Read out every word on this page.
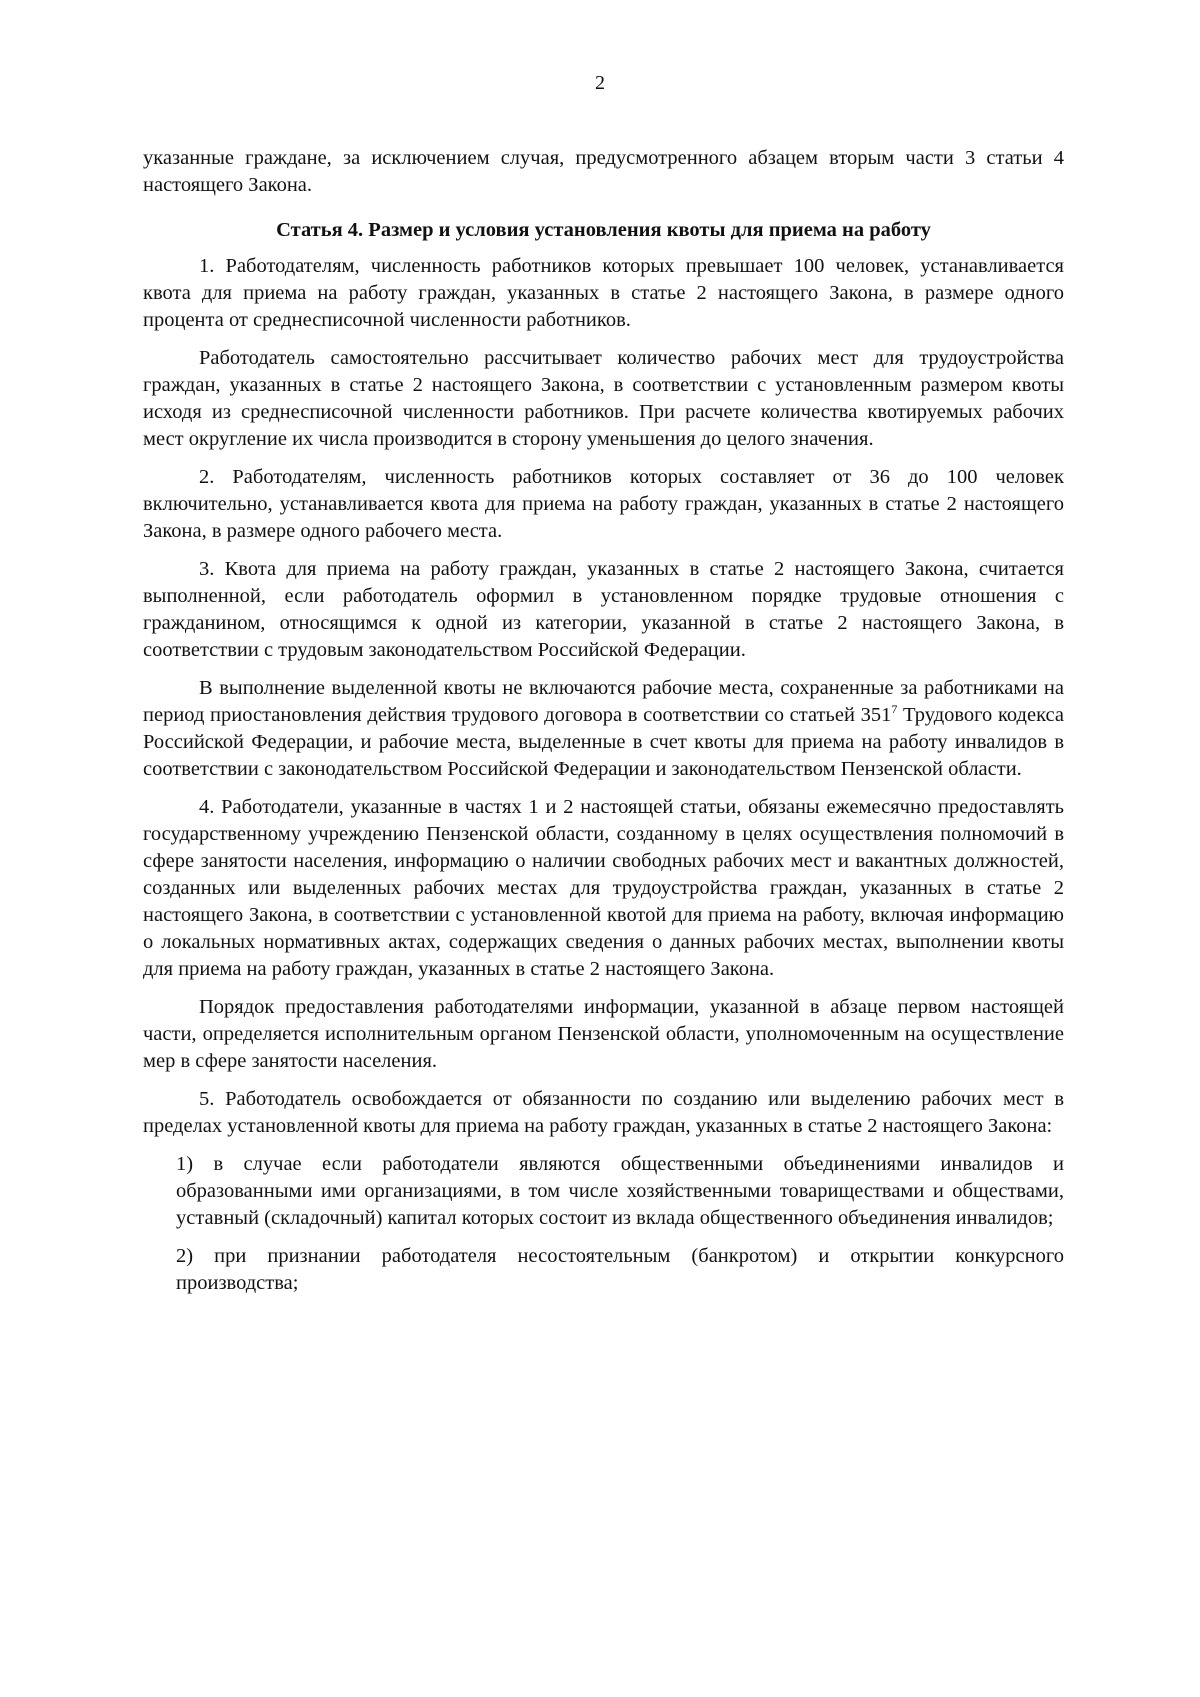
2

указанные граждане, за исключением случая, предусмотренного абзацем вторым части 3 статьи 4 настоящего Закона.

Статья 4. Размер и условия установления квоты для приема на работу

1. Работодателям, численность работников которых превышает 100 человек, устанавливается квота для приема на работу граждан, указанных в статье 2 настоящего Закона, в размере одного процента от среднесписочной численности работников.

Работодатель самостоятельно рассчитывает количество рабочих мест для трудоустройства граждан, указанных в статье 2 настоящего Закона, в соответствии с установленным размером квоты исходя из среднесписочной численности работников. При расчете количества квотируемых рабочих мест округление их числа производится в сторону уменьшения до целого значения.

2. Работодателям, численность работников которых составляет от 36 до 100 человек включительно, устанавливается квота для приема на работу граждан, указанных в статье 2 настоящего Закона, в размере одного рабочего места.

3. Квота для приема на работу граждан, указанных в статье 2 настоящего Закона, считается выполненной, если работодатель оформил в установленном порядке трудовые отношения с гражданином, относящимся к одной из категории, указанной в статье 2 настоящего Закона, в соответствии с трудовым законодательством Российской Федерации.

В выполнение выделенной квоты не включаются рабочие места, сохраненные за работниками на период приостановления действия трудового договора в соответствии со статьей $351^7$ Трудового кодекса Российской Федерации, и рабочие места, выделенные в счет квоты для приема на работу инвалидов в соответствии с законодательством Российской Федерации и законодательством Пензенской области.

4. Работодатели, указанные в частях 1 и 2 настоящей статьи, обязаны ежемесячно предоставлять государственному учреждению Пензенской области, созданному в целях осуществления полномочий в сфере занятости населения, информацию о наличии свободных рабочих мест и вакантных должностей, созданных или выделенных рабочих местах для трудоустройства граждан, указанных в статье 2 настоящего Закона, в соответствии с установленной квотой для приема на работу, включая информацию о локальных нормативных актах, содержащих сведения о данных рабочих местах, выполнении квоты для приема на работу граждан, указанных в статье 2 настоящего Закона.

Порядок предоставления работодателями информации, указанной в абзаце первом настоящей части, определяется исполнительным органом Пензенской области, уполномоченным на осуществление мер в сфере занятости населения.

5. Работодатель освобождается от обязанности по созданию или выделению рабочих мест в пределах установленной квоты для приема на работу граждан, указанных в статье 2 настоящего Закона:

1) в случае если работодатели являются общественными объединениями инвалидов и образованными ими организациями, в том числе хозяйственными товариществами и обществами, уставный (складочный) капитал которых состоит из вклада общественного объединения инвалидов;

2) при признании работодателя несостоятельным (банкротом) и открытии конкурсного производства;
